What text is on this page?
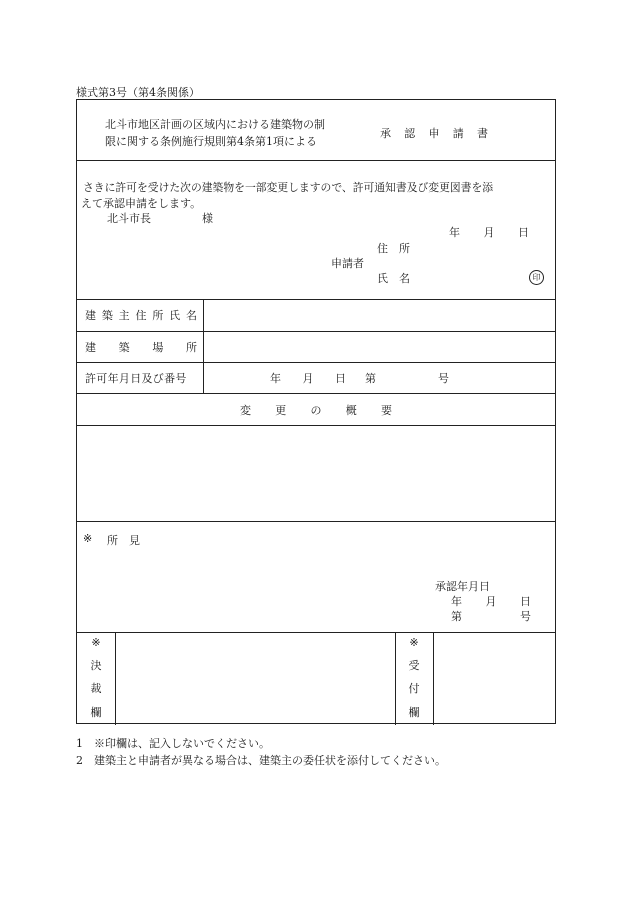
様式第3号（第4条関係）
北斗市地区計画の区域内における建築物の制
限に関する条例施行規則第4条第1項による
承 認 申 請 書
さきに許可を受けた次の建築物を一部変更しますので、許可通知書及び変更図書を添
えて承認申請をします。
北斗市長	様
年 月 日
住　所
申請者
氏　名	印
建 築 主 住 所 氏 名
建 築 場 所
許可年月日及び番号	年 月 日 第	号
変 更 の 概 要
※ 所　見
承認年月日
年 月 日
第	号
※
決
裁
欄
※
受
付
欄
1　※印欄は、記入しないでください。
2　建築主と申請者が異なる場合は、建築主の委任状を添付してください。
